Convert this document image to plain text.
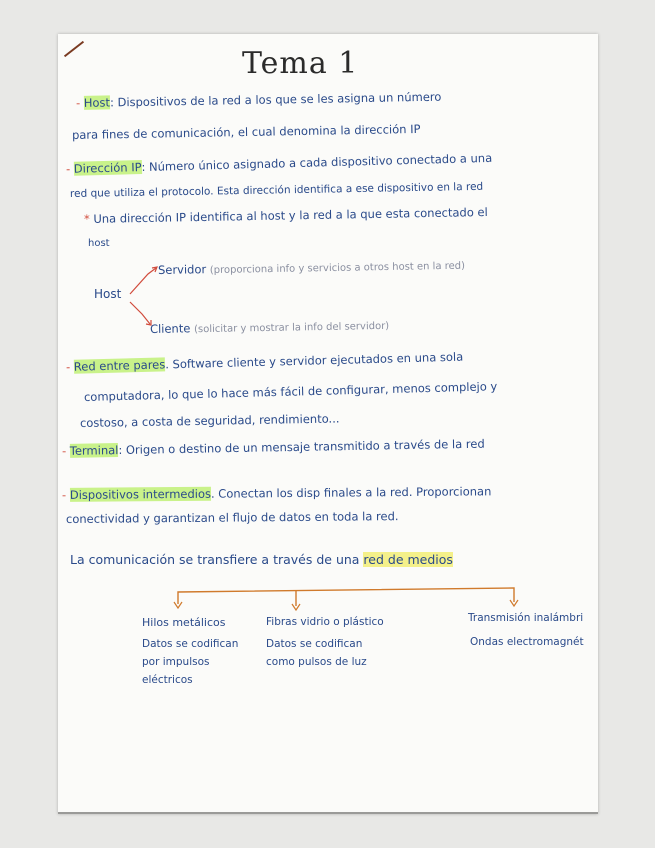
Tema 1
- Host: Dispositivos de la red a los que se les asigna un número
para fines de comunicación, el cual denomina la dirección IP
- Dirección IP: Número único asignado a cada dispositivo conectado a una
red que utiliza el protocolo. Esta dirección identifica a ese dispositivo en la red
* Una dirección IP identifica al host y la red a la que esta conectado el
host
Host
Servidor (proporciona info y servicios a otros host en la red)
Cliente (solicitar y mostrar la info del servidor)
- Red entre pares. Software cliente y servidor ejecutados en una sola
computadora, lo que lo hace más fácil de configurar, menos complejo y
costoso, a costa de seguridad, rendimiento...
- Terminal: Origen o destino de un mensaje transmitido a través de la red
- Dispositivos intermedios. Conectan los disp finales a la red. Proporcionan
conectividad y garantizan el flujo de datos en toda la red.
La comunicación se transfiere a través de una red de medios
Hilos metálicos
Datos se codifican
por impulsos
eléctricos
Fibras vidrio o plástico
Datos se codifican
como pulsos de luz
Transmisión inalámbri
Ondas electromagnét
